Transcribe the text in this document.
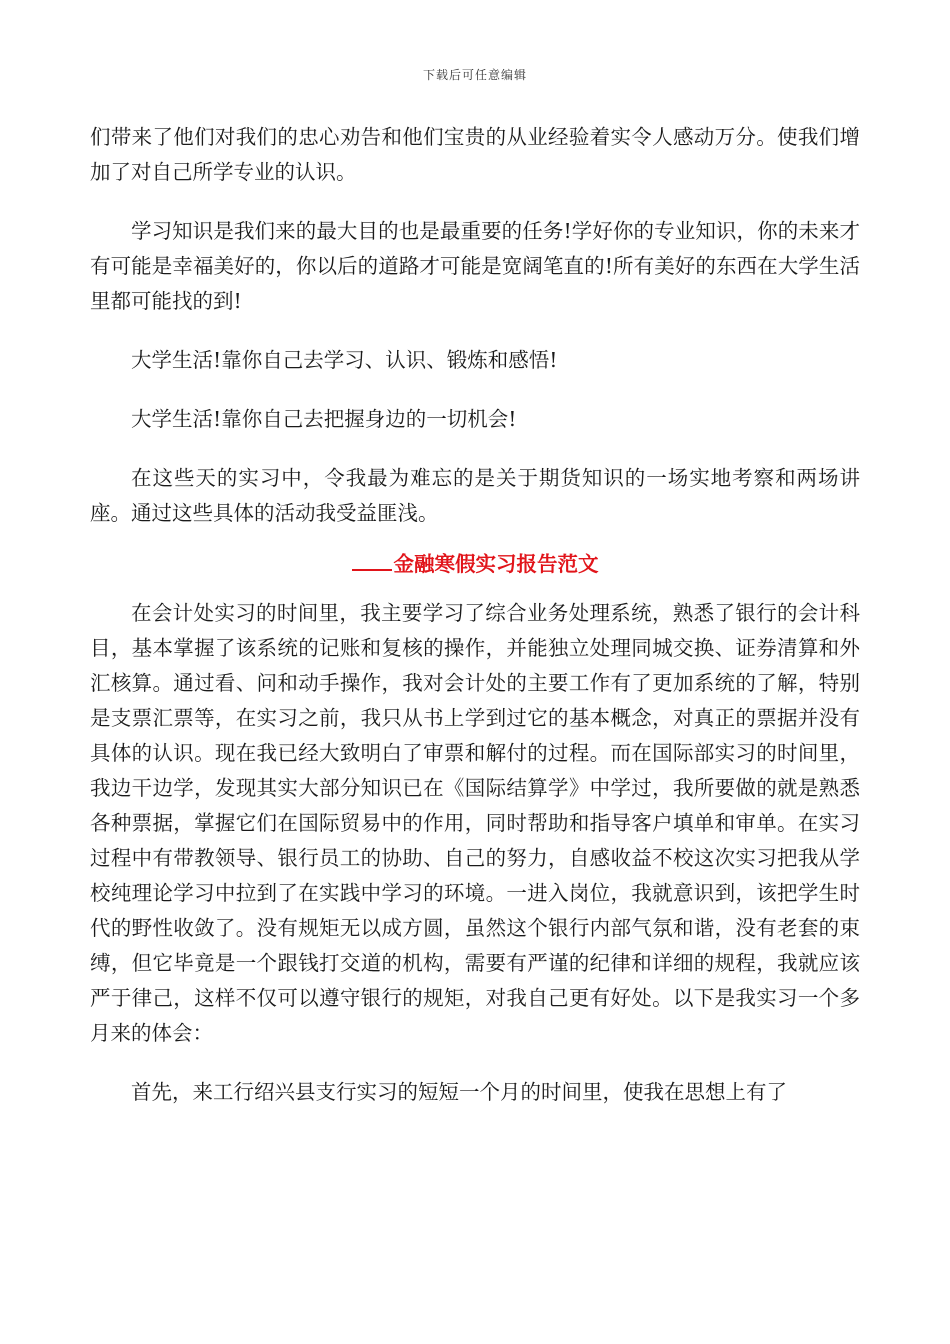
下载后可任意编辑

们带来了他们对我们的忠心劝告和他们宝贵的从业经验着实令人感动万分。使我们增加了对自己所学专业的认识。

学习知识是我们来的最大目的也是最重要的任务!学好你的专业知识，你的未来才有可能是幸福美好的，你以后的道路才可能是宽阔笔直的!所有美好的东西在大学生活里都可能找的到!

大学生活!靠你自己去学习、认识、锻炼和感悟!

大学生活!靠你自己去把握身边的一切机会!

在这些天的实习中，令我最为难忘的是关于期货知识的一场实地考察和两场讲座。通过这些具体的活动我受益匪浅。

金融寒假实习报告范文

在会计处实习的时间里，我主要学习了综合业务处理系统，熟悉了银行的会计科目，基本掌握了该系统的记账和复核的操作，并能独立处理同城交换、证券清算和外汇核算。通过看、问和动手操作，我对会计处的主要工作有了更加系统的了解，特别是支票汇票等，在实习之前，我只从书上学到过它的基本概念，对真正的票据并没有具体的认识。现在我已经大致明白了审票和解付的过程。而在国际部实习的时间里，我边干边学，发现其实大部分知识已在《国际结算学》中学过，我所要做的就是熟悉各种票据，掌握它们在国际贸易中的作用，同时帮助和指导客户填单和审单。在实习过程中有带教领导、银行员工的协助、自己的努力，自感收益不校这次实习把我从学校纯理论学习中拉到了在实践中学习的环境。一进入岗位，我就意识到，该把学生时代的野性收敛了。没有规矩无以成方圆，虽然这个银行内部气氛和谐，没有老套的束缚，但它毕竟是一个跟钱打交道的机构，需要有严谨的纪律和详细的规程，我就应该严于律己，这样不仅可以遵守银行的规矩，对我自己更有好处。以下是我实习一个多月来的体会：

首先，来工行绍兴县支行实习的短短一个月的时间里，使我在思想上有了
